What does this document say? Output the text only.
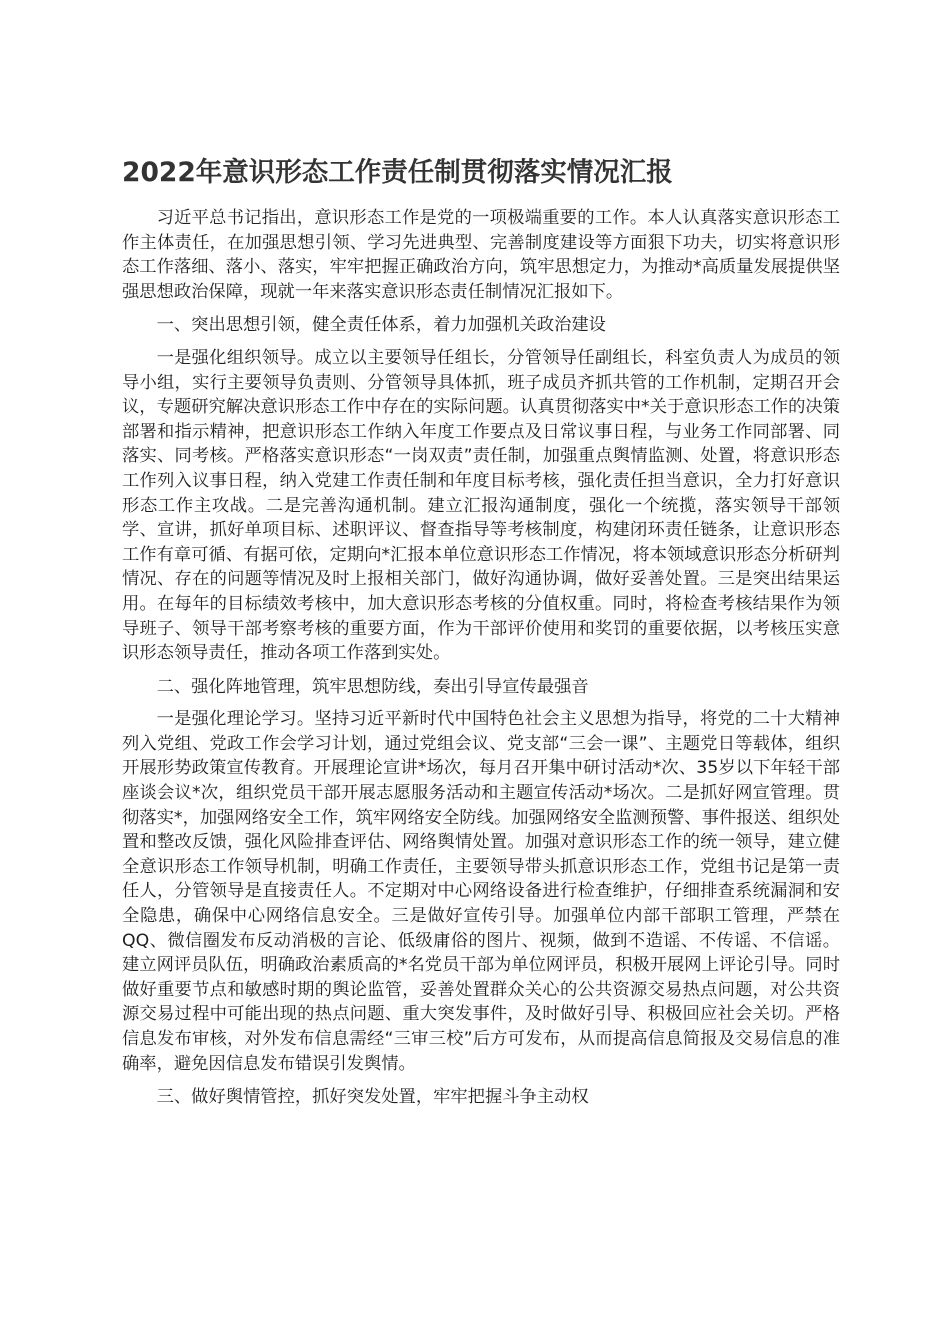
2022年意识形态工作责任制贯彻落实情况汇报

习近平总书记指出，意识形态工作是党的一项极端重要的工作。本人认真落实意识形态工作主体责任，在加强思想引领、学习先进典型、完善制度建设等方面狠下功夫，切实将意识形态工作落细、落小、落实，牢牢把握正确政治方向，筑牢思想定力，为推动*高质量发展提供坚强思想政治保障，现就一年来落实意识形态责任制情况汇报如下。

一、突出思想引领，健全责任体系，着力加强机关政治建设

一是强化组织领导。成立以主要领导任组长，分管领导任副组长，科室负责人为成员的领导小组，实行主要领导负责则、分管领导具体抓，班子成员齐抓共管的工作机制，定期召开会议，专题研究解决意识形态工作中存在的实际问题。认真贯彻落实中*关于意识形态工作的决策部署和指示精神，把意识形态工作纳入年度工作要点及日常议事日程，与业务工作同部署、同落实、同考核。严格落实意识形态“一岗双责”责任制，加强重点舆情监测、处置，将意识形态工作列入议事日程，纳入党建工作责任制和年度目标考核，强化责任担当意识，全力打好意识形态工作主攻战。二是完善沟通机制。建立汇报沟通制度，强化一个统揽，落实领导干部领学、宣讲，抓好单项目标、述职评议、督查指导等考核制度，构建闭环责任链条，让意识形态工作有章可循、有据可依，定期向*汇报本单位意识形态工作情况，将本领域意识形态分析研判情况、存在的问题等情况及时上报相关部门，做好沟通协调，做好妥善处置。三是突出结果运用。在每年的目标绩效考核中，加大意识形态考核的分值权重。同时，将检查考核结果作为领导班子、领导干部考察考核的重要方面，作为干部评价使用和奖罚的重要依据，以考核压实意识形态领导责任，推动各项工作落到实处。

二、强化阵地管理，筑牢思想防线，奏出引导宣传最强音

一是强化理论学习。坚持习近平新时代中国特色社会主义思想为指导，将党的二十大精神列入党组、党政工作会学习计划，通过党组会议、党支部“三会一课”、主题党日等载体，组织开展形势政策宣传教育。开展理论宣讲*场次，每月召开集中研讨活动*次、35岁以下年轻干部座谈会议*次，组织党员干部开展志愿服务活动和主题宣传活动*场次。二是抓好网宣管理。贯彻落实*，加强网络安全工作，筑牢网络安全防线。加强网络安全监测预警、事件报送、组织处置和整改反馈，强化风险排查评估、网络舆情处置。加强对意识形态工作的统一领导，建立健全意识形态工作领导机制，明确工作责任，主要领导带头抓意识形态工作，党组书记是第一责任人，分管领导是直接责任人。不定期对中心网络设备进行检查维护，仔细排查系统漏洞和安全隐患，确保中心网络信息安全。三是做好宣传引导。加强单位内部干部职工管理，严禁在QQ、微信圈发布反动消极的言论、低级庸俗的图片、视频，做到不造谣、不传谣、不信谣。建立网评员队伍，明确政治素质高的*名党员干部为单位网评员，积极开展网上评论引导。同时做好重要节点和敏感时期的舆论监管，妥善处置群众关心的公共资源交易热点问题，对公共资源交易过程中可能出现的热点问题、重大突发事件，及时做好引导、积极回应社会关切。严格信息发布审核，对外发布信息需经“三审三校”后方可发布，从而提高信息简报及交易信息的准确率，避免因信息发布错误引发舆情。

三、做好舆情管控，抓好突发处置，牢牢把握斗争主动权
